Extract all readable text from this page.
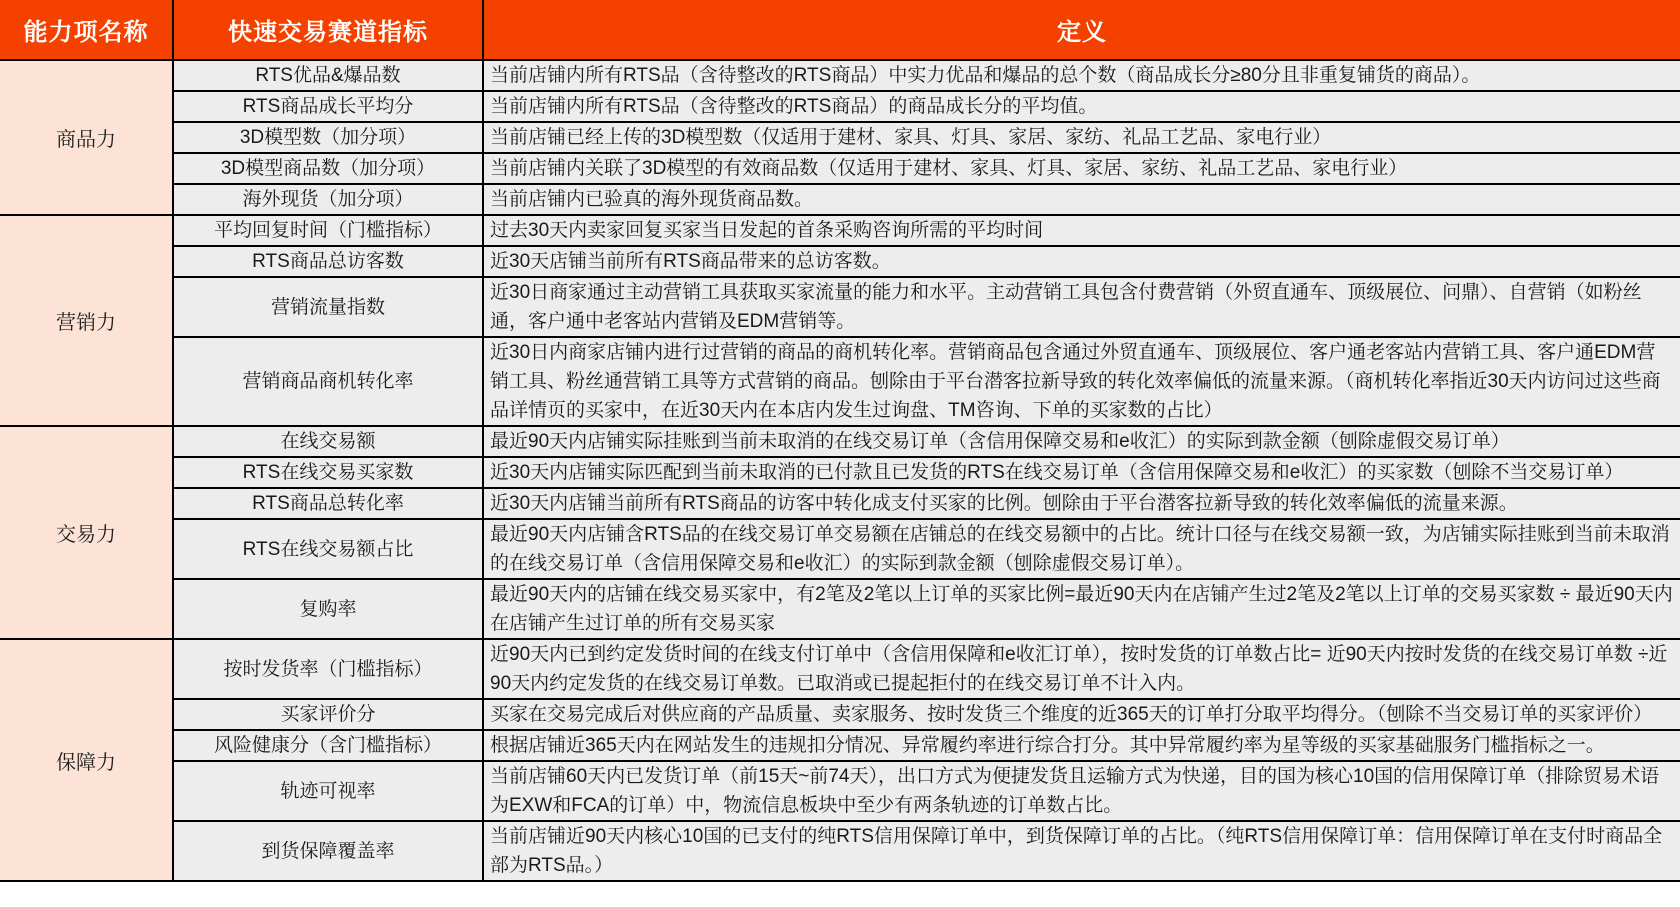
能力项名称	快速交易赛道指标	定义
商品力	RTS优品&爆品数	当前店铺内所有RTS品（含待整改的RTS商品）中实力优品和爆品的总个数（商品成长分≥80分且非重复铺货的商品）。
	RTS商品成长平均分	当前店铺内所有RTS品（含待整改的RTS商品）的商品成长分的平均值。
	3D模型数（加分项）	当前店铺已经上传的3D模型数（仅适用于建材、家具、灯具、家居、家纺、礼品工艺品、家电行业）
	3D模型商品数（加分项）	当前店铺内关联了3D模型的有效商品数（仅适用于建材、家具、灯具、家居、家纺、礼品工艺品、家电行业）
	海外现货（加分项）	当前店铺内已验真的海外现货商品数。
营销力	平均回复时间（门槛指标）	过去30天内卖家回复买家当日发起的首条采购咨询所需的平均时间
	RTS商品总访客数	近30天店铺当前所有RTS商品带来的总访客数。
	营销流量指数	近30日商家通过主动营销工具获取买家流量的能力和水平。主动营销工具包含付费营销（外贸直通车、顶级展位、问鼎）、自营销（如粉丝通，客户通中老客站内营销及EDM营销等。
	营销商品商机转化率	近30日内商家店铺内进行过营销的商品的商机转化率。营销商品包含通过外贸直通车、顶级展位、客户通老客站内营销工具、客户通EDM营销工具、粉丝通营销工具等方式营销的商品。刨除由于平台潜客拉新导致的转化效率偏低的流量来源。（商机转化率指近30天内访问过这些商品详情页的买家中，在近30天内在本店内发生过询盘、TM咨询、下单的买家数的占比）
交易力	在线交易额	最近90天内店铺实际挂账到当前未取消的在线交易订单（含信用保障交易和e收汇）的实际到款金额（刨除虚假交易订单）
	RTS在线交易买家数	近30天内店铺实际匹配到当前未取消的已付款且已发货的RTS在线交易订单（含信用保障交易和e收汇）的买家数（刨除不当交易订单）
	RTS商品总转化率	近30天内店铺当前所有RTS商品的访客中转化成支付买家的比例。刨除由于平台潜客拉新导致的转化效率偏低的流量来源。
	RTS在线交易额占比	最近90天内店铺含RTS品的在线交易订单交易额在店铺总的在线交易额中的占比。统计口径与在线交易额一致，为店铺实际挂账到当前未取消的在线交易订单（含信用保障交易和e收汇）的实际到款金额（刨除虚假交易订单）。
	复购率	最近90天内的店铺在线交易买家中，有2笔及2笔以上订单的买家比例=最近90天内在店铺产生过2笔及2笔以上订单的交易买家数 ÷ 最近90天内在店铺产生过订单的所有交易买家
保障力	按时发货率（门槛指标）	近90天内已到约定发货时间的在线支付订单中（含信用保障和e收汇订单），按时发货的订单数占比= 近90天内按时发货的在线交易订单数 ÷近90天内约定发货的在线交易订单数。已取消或已提起拒付的在线交易订单不计入内。
	买家评价分	买家在交易完成后对供应商的产品质量、卖家服务、按时发货三个维度的近365天的订单打分取平均得分。（刨除不当交易订单的买家评价）
	风险健康分（含门槛指标）	根据店铺近365天内在网站发生的违规扣分情况、异常履约率进行综合打分。其中异常履约率为星等级的买家基础服务门槛指标之一。
	轨迹可视率	当前店铺60天内已发货订单（前15天~前74天），出口方式为便捷发货且运输方式为快递，目的国为核心10国的信用保障订单（排除贸易术语为EXW和FCA的订单）中，物流信息板块中至少有两条轨迹的订单数占比。
	到货保障覆盖率	当前店铺近90天内核心10国的已支付的纯RTS信用保障订单中，到货保障订单的占比。（纯RTS信用保障订单：信用保障订单在支付时商品全部为RTS品。）
